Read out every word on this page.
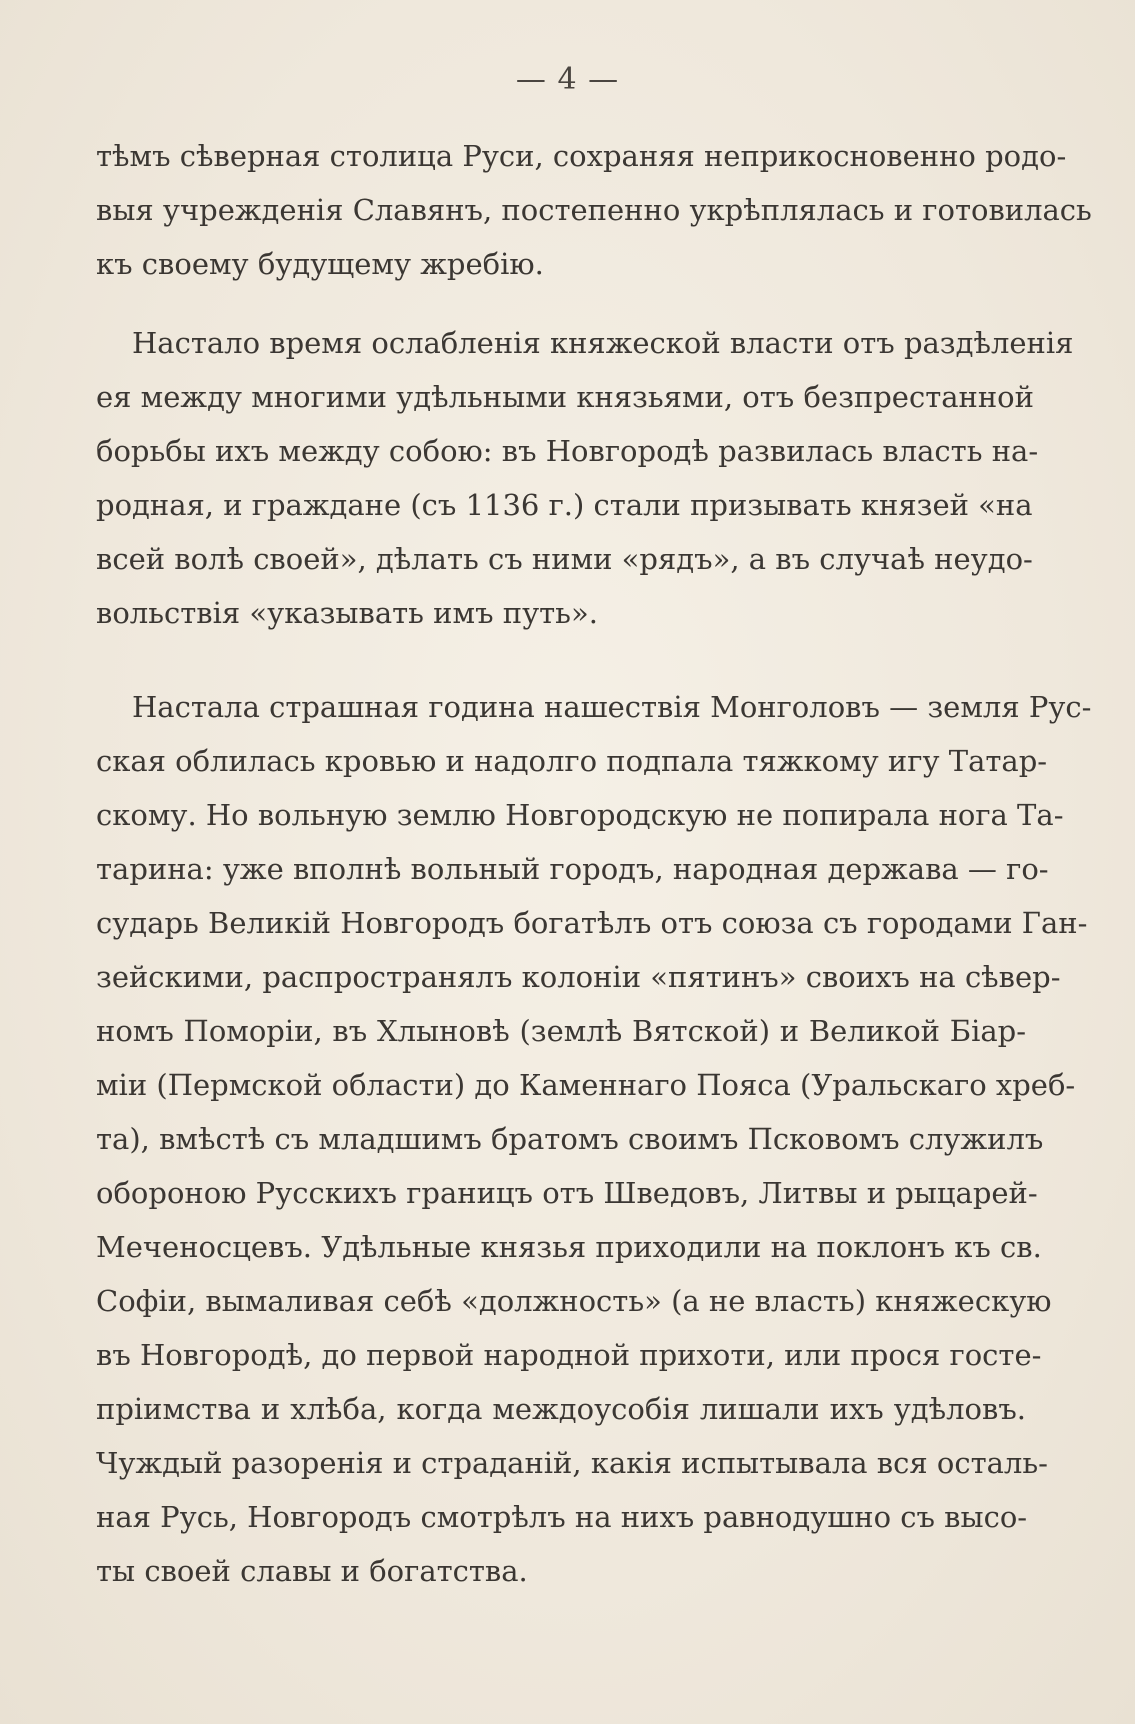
— 4 —
тѣмъ сѣверная столица Руси, сохраняя неприкосновенно родо-
выя учрежденія Славянъ, постепенно укрѣплялась и готовилась
къ своему будущему жребію.
Настало время ослабленія княжеской власти отъ раздѣленія
ея между многими удѣльными князьями, отъ безпрестанной
борьбы ихъ между собою: въ Новгородѣ развилась власть на-
родная, и граждане (съ 1136 г.) стали призывать князей «на
всей волѣ своей», дѣлать съ ними «рядъ», а въ случаѣ неудо-
вольствія «указывать имъ путь».
Настала страшная година нашествія Монголовъ — земля Рус-
ская облилась кровью и надолго подпала тяжкому игу Татар-
скому. Но вольную землю Новгородскую не попирала нога Та-
тарина: уже вполнѣ вольный городъ, народная держава — го-
сударь Великій Новгородъ богатѣлъ отъ союза съ городами Ган-
зейскими, распространялъ колоніи «пятинъ» своихъ на сѣвер-
номъ Поморіи, въ Хлыновѣ (землѣ Вятской) и Великой Біар-
міи (Пермской области) до Каменнаго Пояса (Уральскаго хреб-
та), вмѣстѣ съ младшимъ братомъ своимъ Псковомъ служилъ
обороною Русскихъ границъ отъ Шведовъ, Литвы и рыцарей-
Меченосцевъ. Удѣльные князья приходили на поклонъ къ св.
Софіи, вымаливая себѣ «должность» (а не власть) княжескую
въ Новгородѣ, до первой народной прихоти, или прося госте-
пріимства и хлѣба, когда междоусобія лишали ихъ удѣловъ.
Чуждый разоренія и страданій, какія испытывала вся осталь-
ная Русь, Новгородъ смотрѣлъ на нихъ равнодушно съ высо-
ты своей славы и богатства.
